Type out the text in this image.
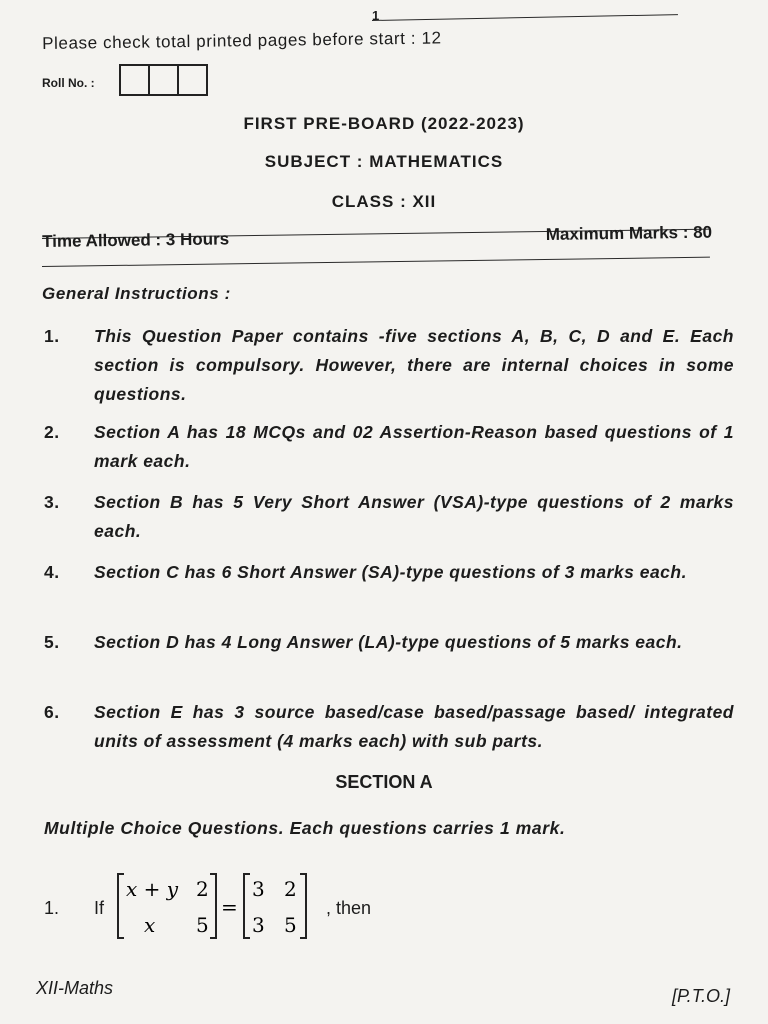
1
Please check total printed pages before start : 12
Roll No. :
FIRST PRE-BOARD (2022-2023)
SUBJECT : MATHEMATICS
CLASS : XII
Time Allowed : 3 Hours	Maximum Marks : 80
General Instructions :
1. This Question Paper contains -five sections A, B, C, D and E. Each section is compulsory. However, there are internal choices in some questions.
2. Section A has 18 MCQs and 02 Assertion-Reason based questions of 1 mark each.
3. Section B has 5 Very Short Answer (VSA)-type questions of 2 marks each.
4. Section C has 6 Short Answer (SA)-type questions of 3 marks each.
5. Section D has 4 Long Answer (LA)-type questions of 5 marks each.
6. Section E has 3 source based/case based/passage based/ integrated units of assessment (4 marks each) with sub parts.
SECTION A
Multiple Choice Questions. Each questions carries 1 mark.
1. If
x + y 2
x 5
=
3 2
3 5
, then
XII-Maths	[P.T.O.]
